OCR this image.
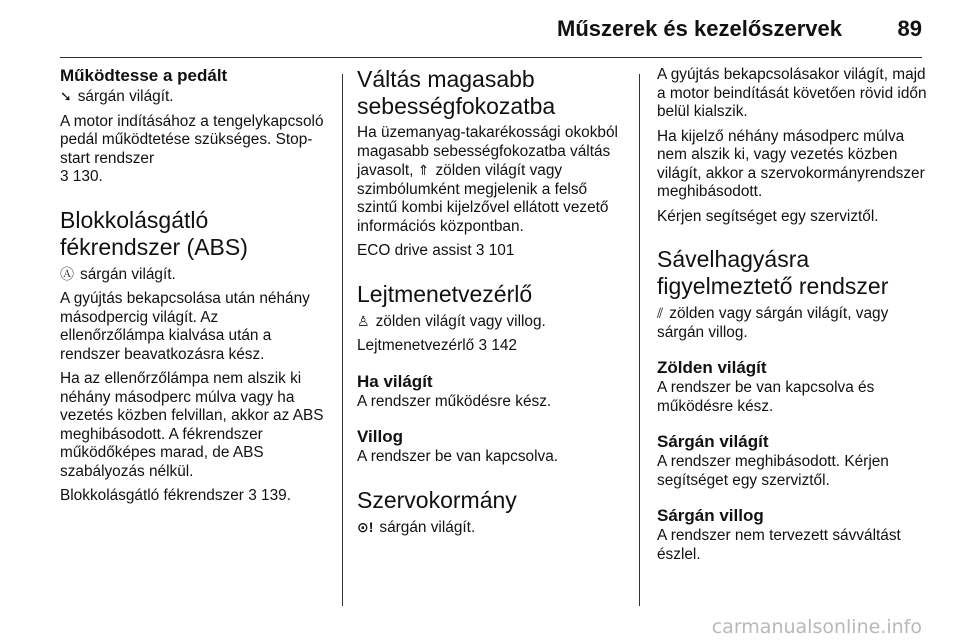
Műszerek és kezelőszervek	89
Működtesse a pedált

➘ sárgán világít.

A motor indításához a tengelykapcsoló pedál működtetése szükséges. Stop-start rendszer
3 130.

Blokkolásgátló
fékrendszer (ABS)

Ⓐ sárgán világít.

A gyújtás bekapcsolása után néhány másodpercig világít. Az ellenőrzőlámpa kialvása után a rendszer beavatkozásra kész.

Ha az ellenőrzőlámpa nem alszik ki néhány másodperc múlva vagy ha vezetés közben felvillan, akkor az ABS meghibásodott. A fékrendszer működőképes marad, de ABS szabályozás nélkül.

Blokkolásgátló fékrendszer 3 139.

Váltás magasabb
sebességfokozatba

Ha üzemanyag-takarékossági okokból magasabb sebességfokozatba váltás javasolt, ⇑ zölden világít vagy szimbólumként megjelenik a felső szintű kombi kijelzővel ellátott vezető információs központban.

ECO drive assist 3 101

Lejtmenetvezérlő

♙ zölden világít vagy villog.

Lejtmenetvezérlő 3 142

Ha világít

A rendszer működésre kész.

Villog

A rendszer be van kapcsolva.

Szervokormány

⊙! sárgán világít.

A gyújtás bekapcsolásakor világít, majd a motor beindítását követően rövid időn belül kialszik.

Ha kijelző néhány másodperc múlva nem alszik ki, vagy vezetés közben világít, akkor a szervokormányrendszer meghibásodott.

Kérjen segítséget egy szerviztől.

Sávelhagyásra
figyelmeztető rendszer

⫽ zölden vagy sárgán világít, vagy sárgán villog.

Zölden világít

A rendszer be van kapcsolva és működésre kész.

Sárgán világít

A rendszer meghibásodott. Kérjen segítséget egy szerviztől.

Sárgán villog

A rendszer nem tervezett sávváltást észlel.

carmanualsonline.info
